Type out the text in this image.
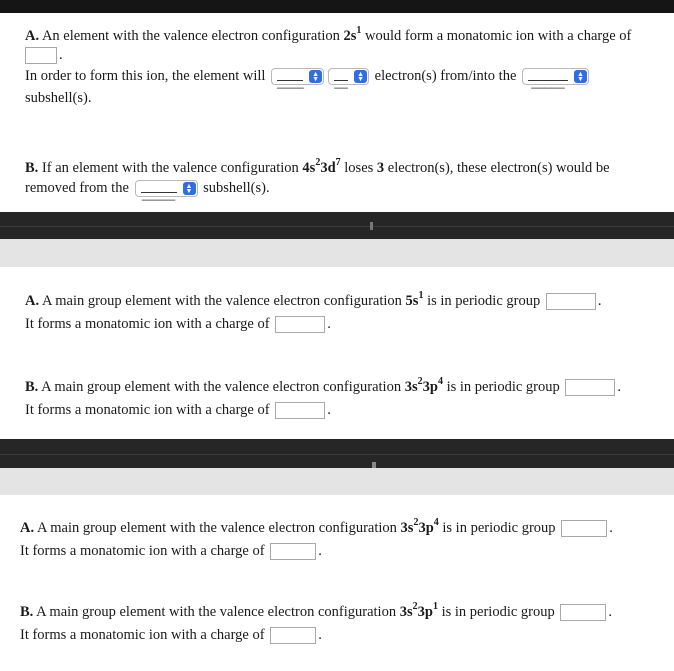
A. An element with the valence electron configuration $2s^1$ would form a monatomic ion with a charge of
.
In order to form this ion, the element will ____
▲
▼ __
▲
▼ electron(s) from/into the _____
▲
▼
subshell(s).
B. If an element with the valence configuration $4s^23d^7$ loses 3 electron(s), these electron(s) would be
removed from the _____
▲
▼ subshell(s).
A. A main group element with the valence electron configuration $5s^1$ is in periodic group	.
It forms a monatomic ion with a charge of	.
B. A main group element with the valence electron configuration $3s^23p^4$ is in periodic group	.
It forms a monatomic ion with a charge of	.
A. A main group element with the valence electron configuration $3s^23p^4$ is in periodic group	.
It forms a monatomic ion with a charge of	.
B. A main group element with the valence electron configuration $3s^23p^1$ is in periodic group	.
It forms a monatomic ion with a charge of	.
